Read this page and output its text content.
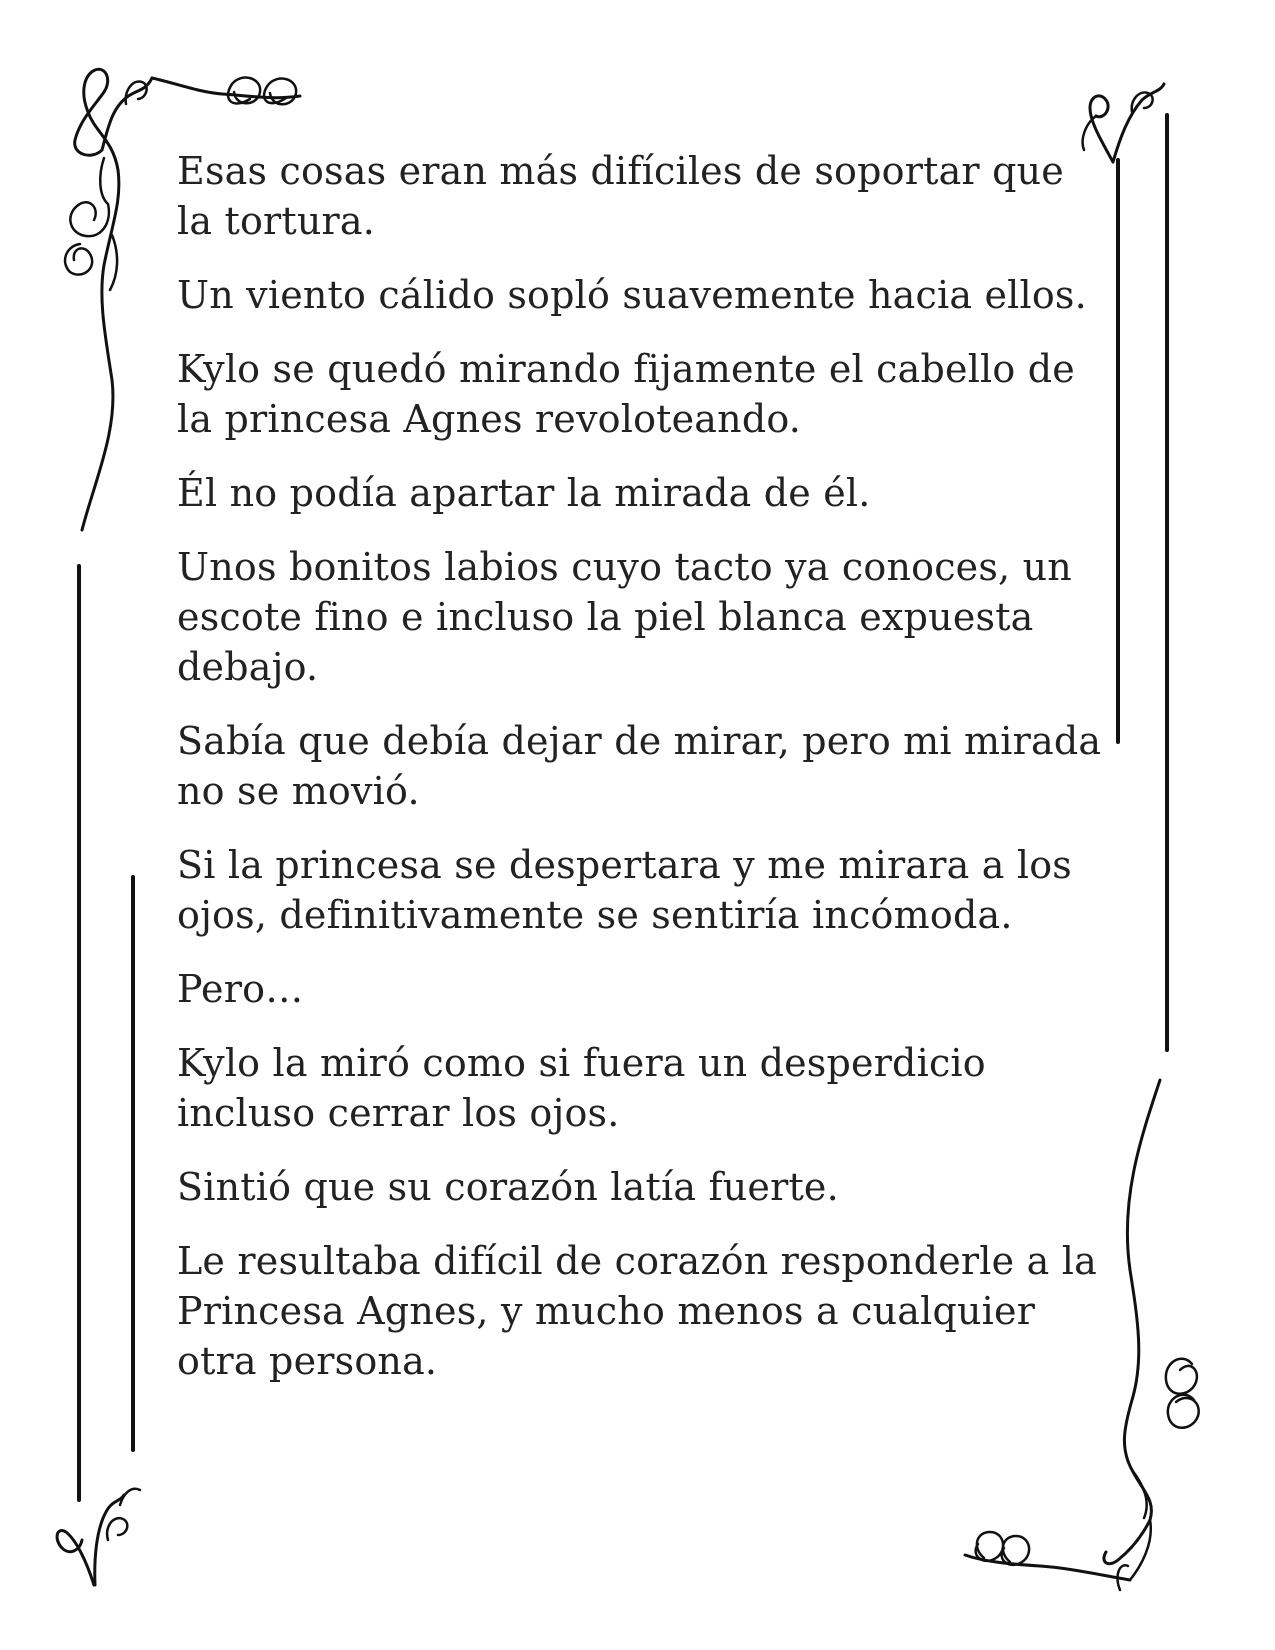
Esas cosas eran más difíciles de soportar que la tortura.

Un viento cálido sopló suavemente hacia ellos.

Kylo se quedó mirando fijamente el cabello de la princesa Agnes revoloteando.

Él no podía apartar la mirada de él.

Unos bonitos labios cuyo tacto ya conoces, un escote fino e incluso la piel blanca expuesta debajo.

Sabía que debía dejar de mirar, pero mi mirada no se movió.

Si la princesa se despertara y me mirara a los ojos, definitivamente se sentiría incómoda.

Pero…

Kylo la miró como si fuera un desperdicio incluso cerrar los ojos.

Sintió que su corazón latía fuerte.

Le resultaba difícil de corazón responderle a la Princesa Agnes, y mucho menos a cualquier otra persona.
